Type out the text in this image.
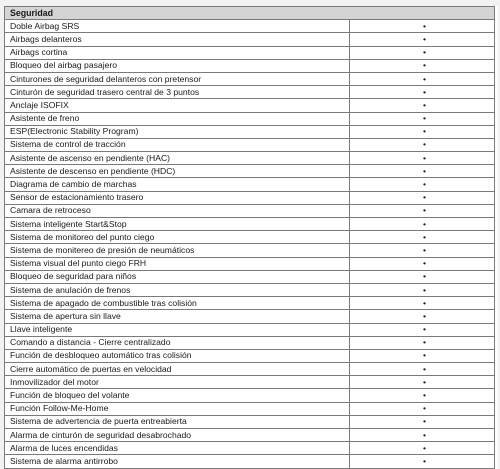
Seguridad	
Doble Airbag SRS	•
Airbags delanteros	•
Airbags cortina	•
Bloqueo del airbag pasajero	•
Cinturones de seguridad delanteros con pretensor	•
Cinturón de seguridad trasero central de 3 puntos	•
Anclaje ISOFIX	•
Asistente de freno	•
ESP(Electronic Stability Program)	•
Sistema de control de tracción	•
Asistente de ascenso en pendiente (HAC)	•
Asistente de descenso en pendiente (HDC)	•
Diagrama de cambio de marchas	•
Sensor de estacionamiento trasero	•
Camara de retroceso	•
Sistema inteligente Start&Stop	•
Sistema de monitoreo del punto ciego	•
Sistema de monitereo de presión de neumáticos	•
Sistema visual del punto ciego FRH	•
Bloqueo de seguridad para niños	•
Sistema de anulación de frenos	•
Sistema de apagado de combustible tras colisión	•
Sistema de apertura sin llave	•
Llave inteligente	•
Comando a distancia - Cierre centralizado	•
Función de desbloqueo automático tras colisión	•
Cierre automático de puertas en velocidad	•
Inmovilizador del motor	•
Función de bloqueo del volante	•
Función Follow-Me-Home	•
Sistema de advertencia de puerta entreabierta	•
Alarma de cinturón de seguridad desabrochado	•
Alarma de luces encendidas	•
Sistema de alarma antirrobo	•
